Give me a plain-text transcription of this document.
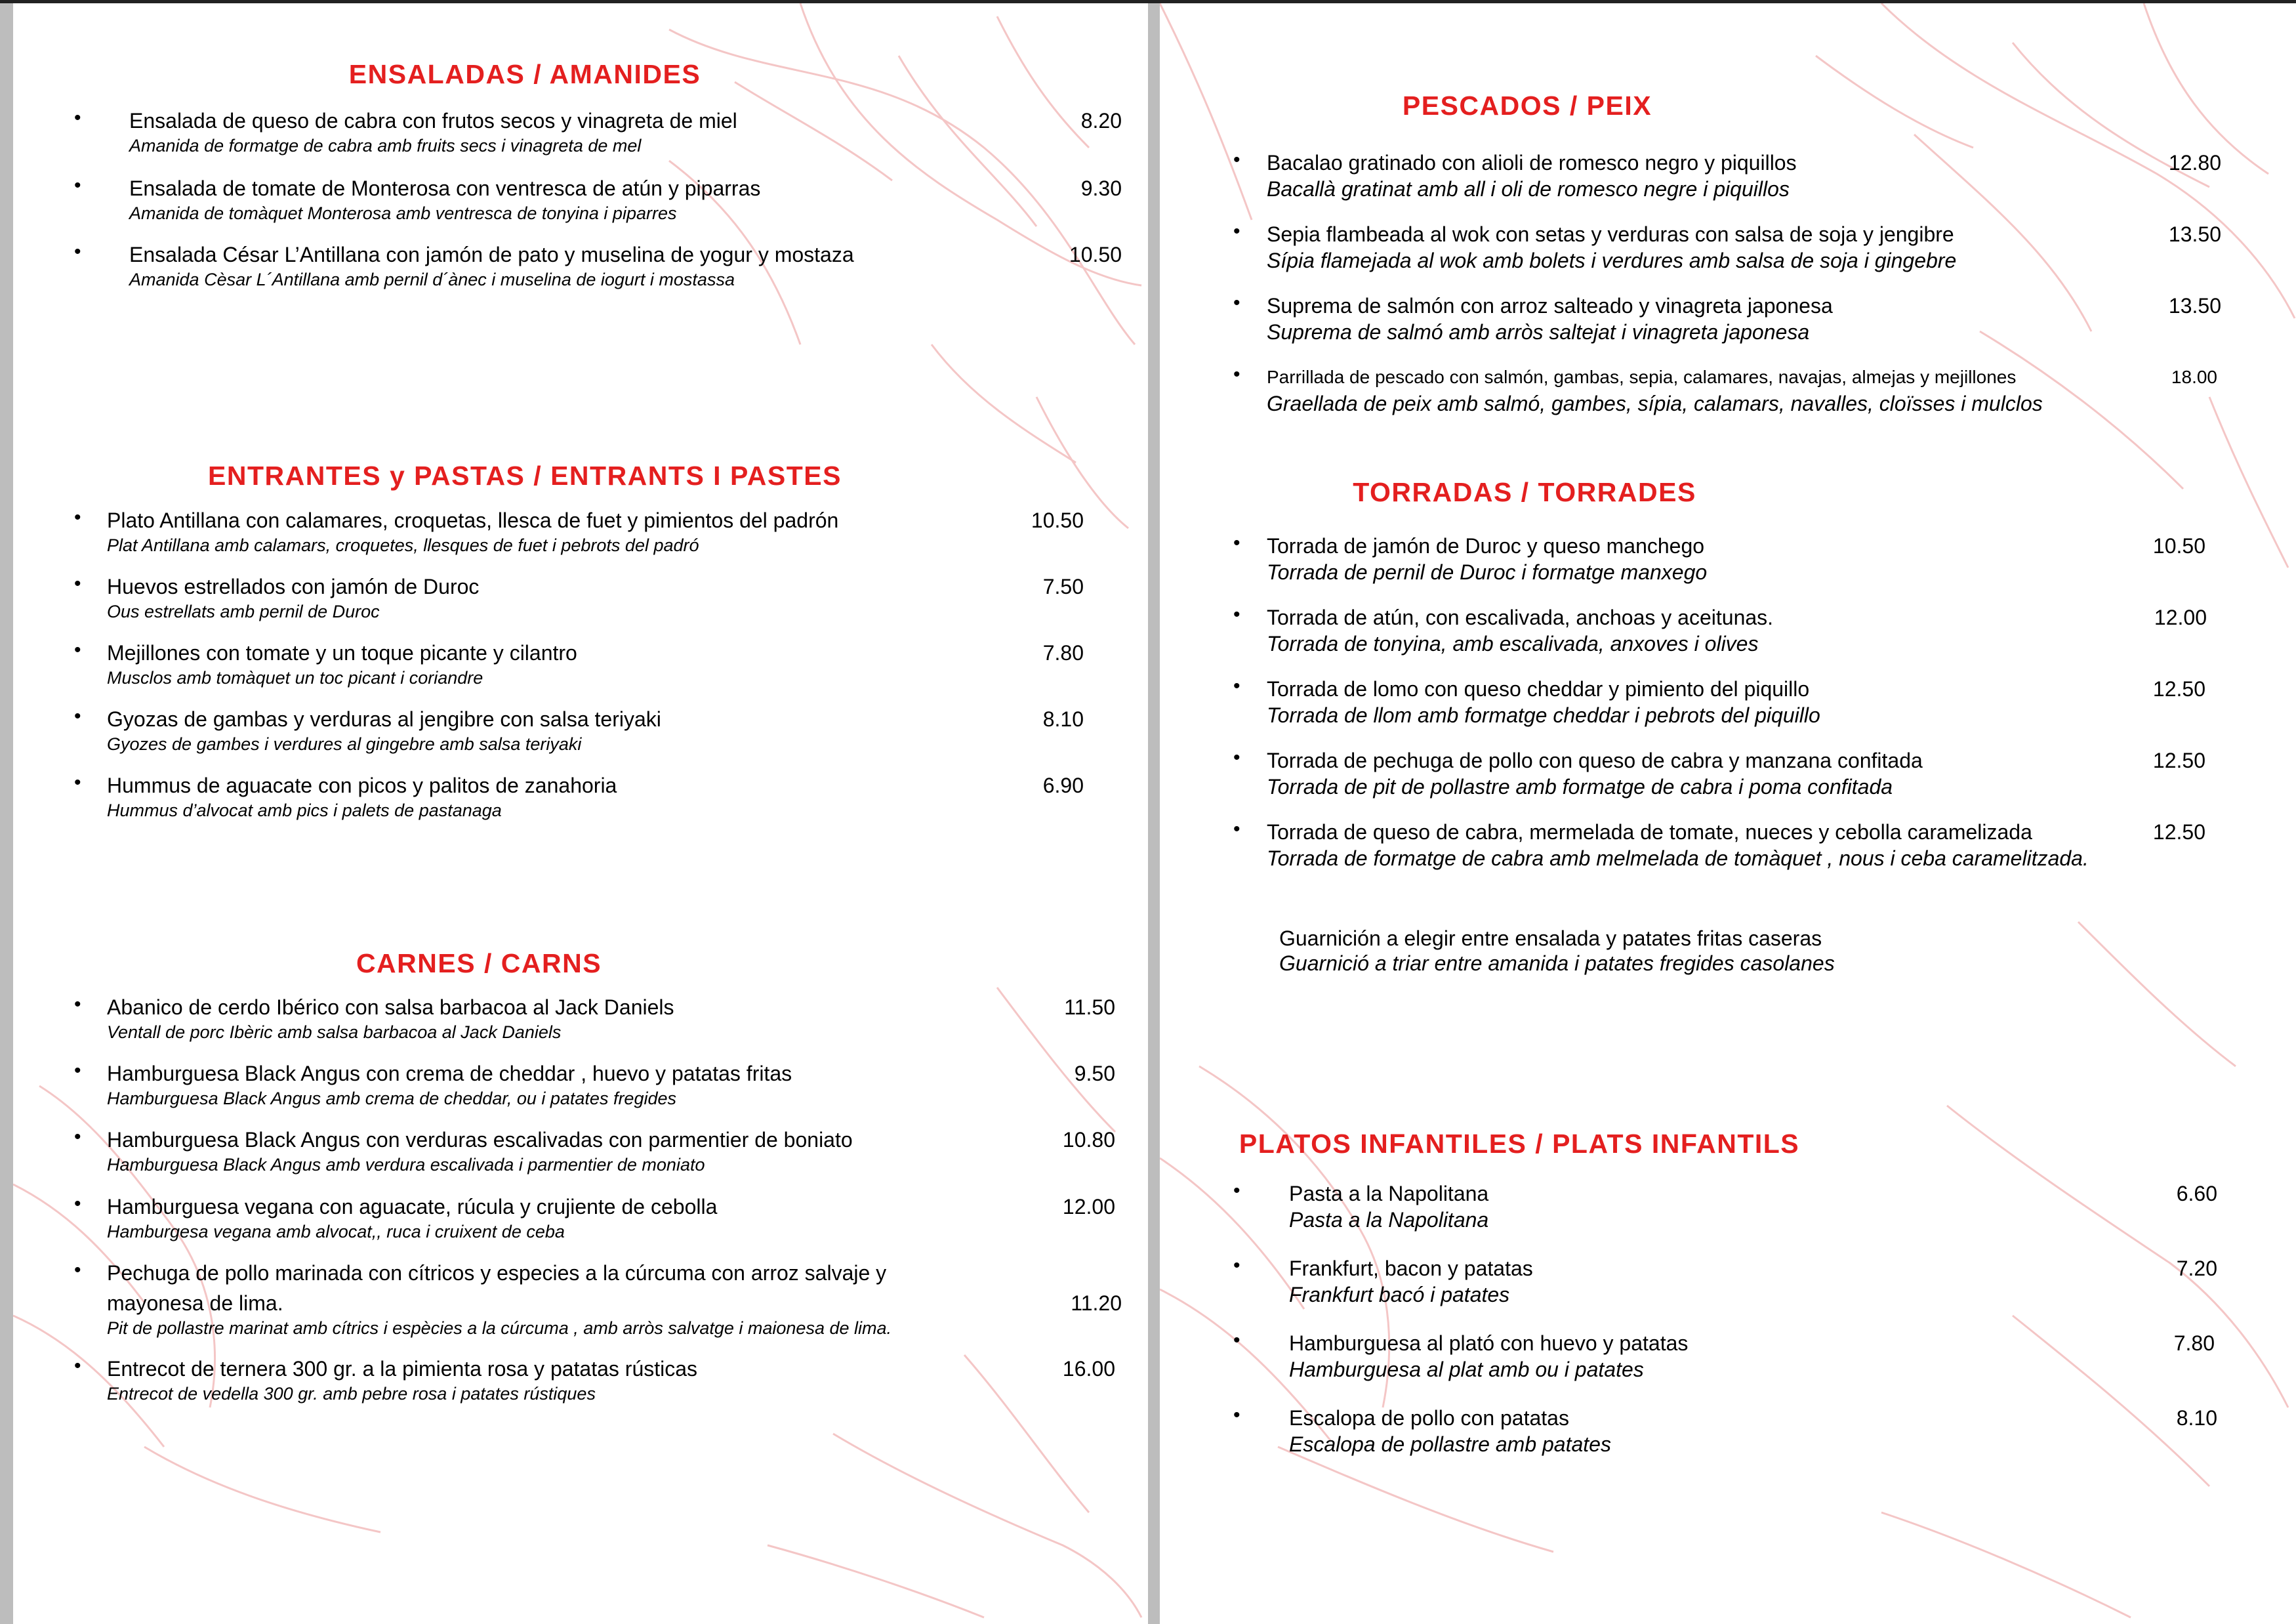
ENSALADAS / AMANIDES
• Ensalada de queso de cabra con frutos secos y vinagreta de miel
Amanida de formatge de cabra amb fruits secs i vinagreta de mel
8.20
• Ensalada de tomate de Monterosa con ventresca de atún y piparras
Amanida de tomàquet Monterosa amb ventresca de tonyina i piparres
9.30
• Ensalada César L’Antillana con jamón de pato y muselina de yogur y mostaza
Amanida Cèsar L´Antillana amb pernil d´ànec i muselina de iogurt i mostassa
10.50
ENTRANTES y PASTAS / ENTRANTS I PASTES
• Plato Antillana con calamares, croquetas, llesca de fuet y pimientos del padrón
Plat Antillana amb calamars, croquetes, llesques de fuet i pebrots del padró
10.50
• Huevos estrellados con jamón de Duroc
Ous estrellats amb pernil de Duroc
7.50
• Mejillones con tomate y un toque picante y cilantro
Musclos amb tomàquet un toc picant i coriandre
7.80
• Gyozas de gambas y verduras al jengibre con salsa teriyaki
Gyozes de gambes i verdures al gingebre amb salsa teriyaki
8.10
• Hummus de aguacate con picos y palitos de zanahoria
Hummus d’alvocat amb pics i palets de pastanaga
6.90
CARNES / CARNS
• Abanico de cerdo Ibérico con salsa barbacoa al Jack Daniels
Ventall de porc Ibèric amb salsa barbacoa al Jack Daniels
11.50
• Hamburguesa Black Angus con crema de cheddar , huevo y patatas fritas
Hamburguesa Black Angus amb crema de cheddar, ou i patates fregides
9.50
• Hamburguesa Black Angus con verduras escalivadas con parmentier de boniato
Hamburguesa Black Angus amb verdura escalivada i parmentier de moniato
10.80
• Hamburguesa vegana con aguacate, rúcula y crujiente de cebolla
Hamburgesa vegana amb alvocat,, ruca i cruixent de ceba
12.00
• Pechuga de pollo marinada con cítricos y especies a la cúrcuma con arroz salvaje y
mayonesa de lima.
Pit de pollastre marinat amb cítrics i espècies a la cúrcuma , amb arròs salvatge i maionesa de lima.
11.20
• Entrecot de ternera 300 gr. a la pimienta rosa y patatas rústicas
Entrecot de vedella 300 gr. amb pebre rosa i patates rústiques
16.00
PESCADOS / PEIX
• Bacalao gratinado con alioli de romesco negro y piquillos
Bacallà gratinat amb all i oli de romesco negre i piquillos
12.80
• Sepia flambeada al wok con setas y verduras con salsa de soja y jengibre
Sípia flamejada al wok amb bolets i verdures amb salsa de soja i gingebre
13.50
• Suprema de salmón con arroz salteado y vinagreta japonesa
Suprema de salmó amb arròs saltejat i vinagreta japonesa
13.50
• Parrillada de pescado con salmón, gambas, sepia, calamares, navajas, almejas y mejillones
Graellada de peix amb salmó, gambes, sípia, calamars, navalles, cloïsses i mulclos
18.00
TORRADAS / TORRADES
• Torrada de jamón de Duroc y queso manchego
Torrada de pernil de Duroc i formatge manxego
10.50
• Torrada de atún, con escalivada, anchoas y aceitunas.
Torrada de tonyina, amb escalivada, anxoves i olives
12.00
• Torrada de lomo con queso cheddar y pimiento del piquillo
Torrada de llom amb formatge cheddar i pebrots del piquillo
12.50
• Torrada de pechuga de pollo con queso de cabra y manzana confitada
Torrada de pit de pollastre amb formatge de cabra i poma confitada
12.50
• Torrada de queso de cabra, mermelada de tomate, nueces y cebolla caramelizada
Torrada de formatge de cabra amb melmelada de tomàquet , nous i ceba caramelitzada.
12.50
Guarnición a elegir entre ensalada y patates fritas caseras
Guarnició a triar entre amanida i patates fregides casolanes
PLATOS INFANTILES / PLATS INFANTILS
• Pasta a la Napolitana
Pasta a la Napolitana
6.60
• Frankfurt, bacon y patatas
Frankfurt bacó i patates
7.20
• Hamburguesa al plató con huevo y patatas
Hamburguesa al plat amb ou i patates
7.80
• Escalopa de pollo con patatas
Escalopa de pollastre amb patates
8.10
